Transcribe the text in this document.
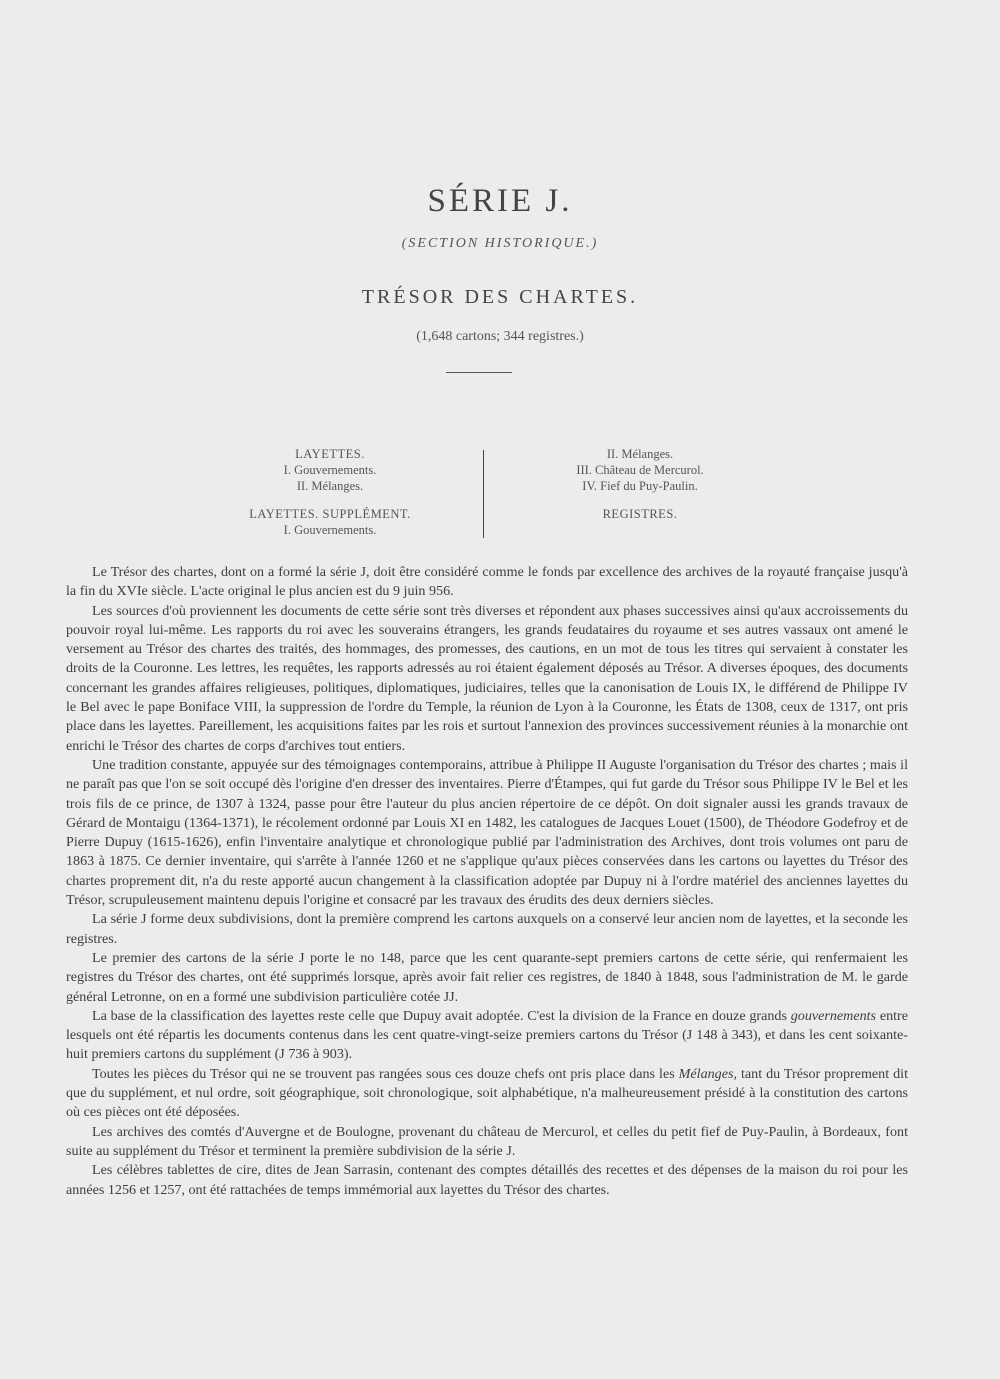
SÉRIE J.
(SECTION HISTORIQUE.)
TRÉSOR DES CHARTES.
(1,648 cartons; 344 registres.)
LAYETTES.
I. Gouvernements.
II. Mélanges.
LAYETTES. SUPPLÉMENT.
I. Gouvernements.
II. Mélanges.
III. Château de Mercurol.
IV. Fief du Puy-Paulin.
REGISTRES.

Le Trésor des chartes, dont on a formé la série J, doit être considéré comme le fonds par excellence des archives de la royauté française jusqu'à la fin du XVIe siècle. L'acte original le plus ancien est du 9 juin 956.

Les sources d'où proviennent les documents de cette série sont très diverses et répondent aux phases successives ainsi qu'aux accroissements du pouvoir royal lui-même. Les rapports du roi avec les souverains étrangers, les grands feudataires du royaume et ses autres vassaux ont amené le versement au Trésor des chartes des traités, des hommages, des promesses, des cautions, en un mot de tous les titres qui servaient à constater les droits de la Couronne. Les lettres, les requêtes, les rapports adressés au roi étaient également déposés au Trésor. A diverses époques, des documents concernant les grandes affaires religieuses, politiques, diplomatiques, judiciaires, telles que la canonisation de Louis IX, le différend de Philippe IV le Bel avec le pape Boniface VIII, la suppression de l'ordre du Temple, la réunion de Lyon à la Couronne, les États de 1308, ceux de 1317, ont pris place dans les layettes. Pareillement, les acquisitions faites par les rois et surtout l'annexion des provinces successivement réunies à la monarchie ont enrichi le Trésor des chartes de corps d'archives tout entiers.

Une tradition constante, appuyée sur des témoignages contemporains, attribue à Philippe II Auguste l'organisation du Trésor des chartes ; mais il ne paraît pas que l'on se soit occupé dès l'origine d'en dresser des inventaires. Pierre d'Étampes, qui fut garde du Trésor sous Philippe IV le Bel et les trois fils de ce prince, de 1307 à 1324, passe pour être l'auteur du plus ancien répertoire de ce dépôt. On doit signaler aussi les grands travaux de Gérard de Montaigu (1364-1371), le récolement ordonné par Louis XI en 1482, les catalogues de Jacques Louet (1500), de Théodore Godefroy et de Pierre Dupuy (1615-1626), enfin l'inventaire analytique et chronologique publié par l'administration des Archives, dont trois volumes ont paru de 1863 à 1875. Ce dernier inventaire, qui s'arrête à l'année 1260 et ne s'applique qu'aux pièces conservées dans les cartons ou layettes du Trésor des chartes proprement dit, n'a du reste apporté aucun changement à la classification adoptée par Dupuy ni à l'ordre matériel des anciennes layettes du Trésor, scrupuleusement maintenu depuis l'origine et consacré par les travaux des érudits des deux derniers siècles.

La série J forme deux subdivisions, dont la première comprend les cartons auxquels on a conservé leur ancien nom de layettes, et la seconde les registres.

Le premier des cartons de la série J porte le no 148, parce que les cent quarante-sept premiers cartons de cette série, qui renfermaient les registres du Trésor des chartes, ont été supprimés lorsque, après avoir fait relier ces registres, de 1840 à 1848, sous l'administration de M. le garde général Letronne, on en a formé une subdivision particulière cotée JJ.

La base de la classification des layettes reste celle que Dupuy avait adoptée. C'est la division de la France en douze grands gouvernements entre lesquels ont été répartis les documents contenus dans les cent quatre-vingt-seize premiers cartons du Trésor (J 148 à 343), et dans les cent soixante-huit premiers cartons du supplément (J 736 à 903).

Toutes les pièces du Trésor qui ne se trouvent pas rangées sous ces douze chefs ont pris place dans les Mélanges, tant du Trésor proprement dit que du supplément, et nul ordre, soit géographique, soit chronologique, soit alphabétique, n'a malheureusement présidé à la constitution des cartons où ces pièces ont été déposées.

Les archives des comtés d'Auvergne et de Boulogne, provenant du château de Mercurol, et celles du petit fief de Puy-Paulin, à Bordeaux, font suite au supplément du Trésor et terminent la première subdivision de la série J.

Les célèbres tablettes de cire, dites de Jean Sarrasin, contenant des comptes détaillés des recettes et des dépenses de la maison du roi pour les années 1256 et 1257, ont été rattachées de temps immémorial aux layettes du Trésor des chartes.
